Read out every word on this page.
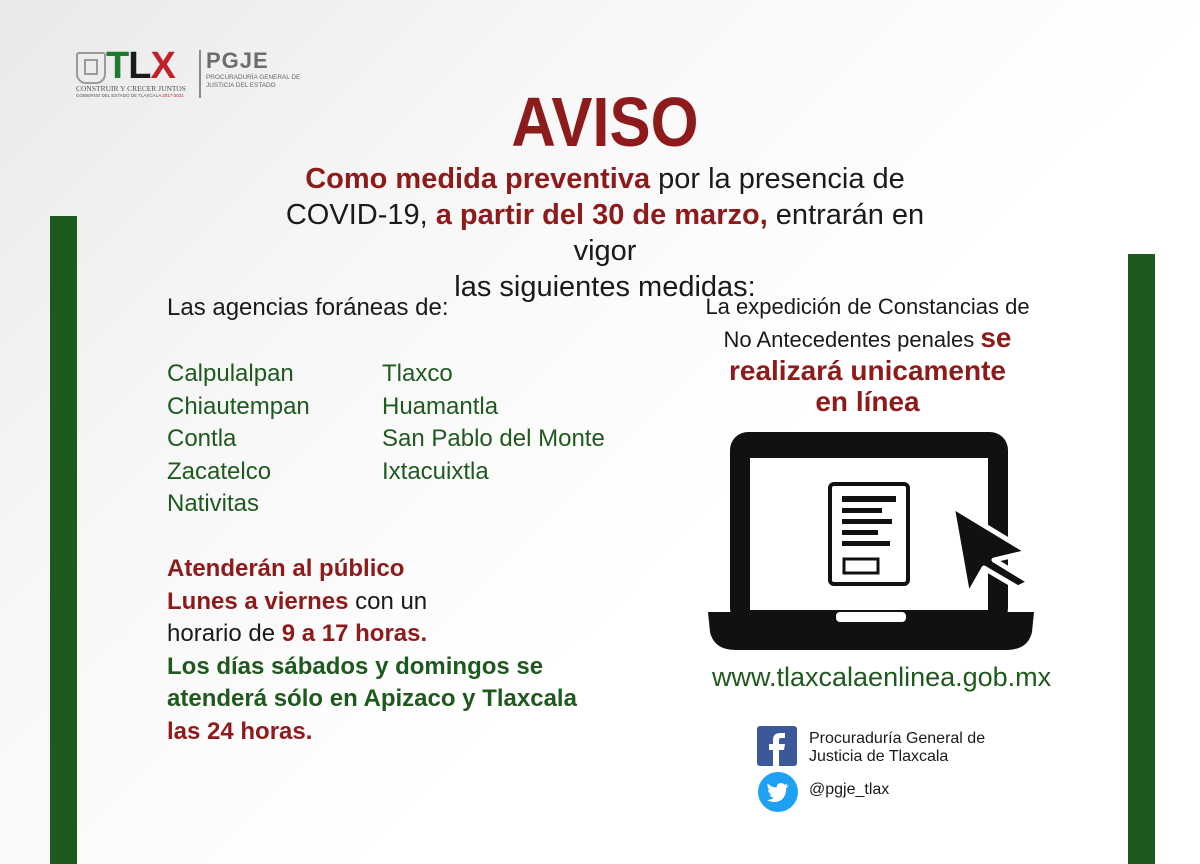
TLX PGJE
PROCURADURÍA GENERAL DE JUSTICIA DEL ESTADO
CONSTRUIR Y CRECER JUNTOS
GOBIERNO DEL ESTADO DE TLAXCALA 2017-2021	AVISO
Como medida preventiva por la presencia de
COVID-19, a partir del 30 de marzo, entrarán en vigor
las siguientes medidas:
Las agencias foráneas de:
Calpulalpan
Chiautempan
Contla
Zacatelco
Nativitas
Tlaxco
Huamantla
San Pablo del Monte
Ixtacuixtla
Atenderán al público
Lunes a viernes con un
horario de 9 a 17 horas.
Los días sábados y domingos se
atenderá sólo en Apizaco y Tlaxcala
las 24 horas.
La expedición de Constancias de
No Antecedentes penales se
realizará unicamente
en línea
www.tlaxcalaenlinea.gob.mx
Procuraduría General de
Justicia de Tlaxcala
@pgje_tlax
